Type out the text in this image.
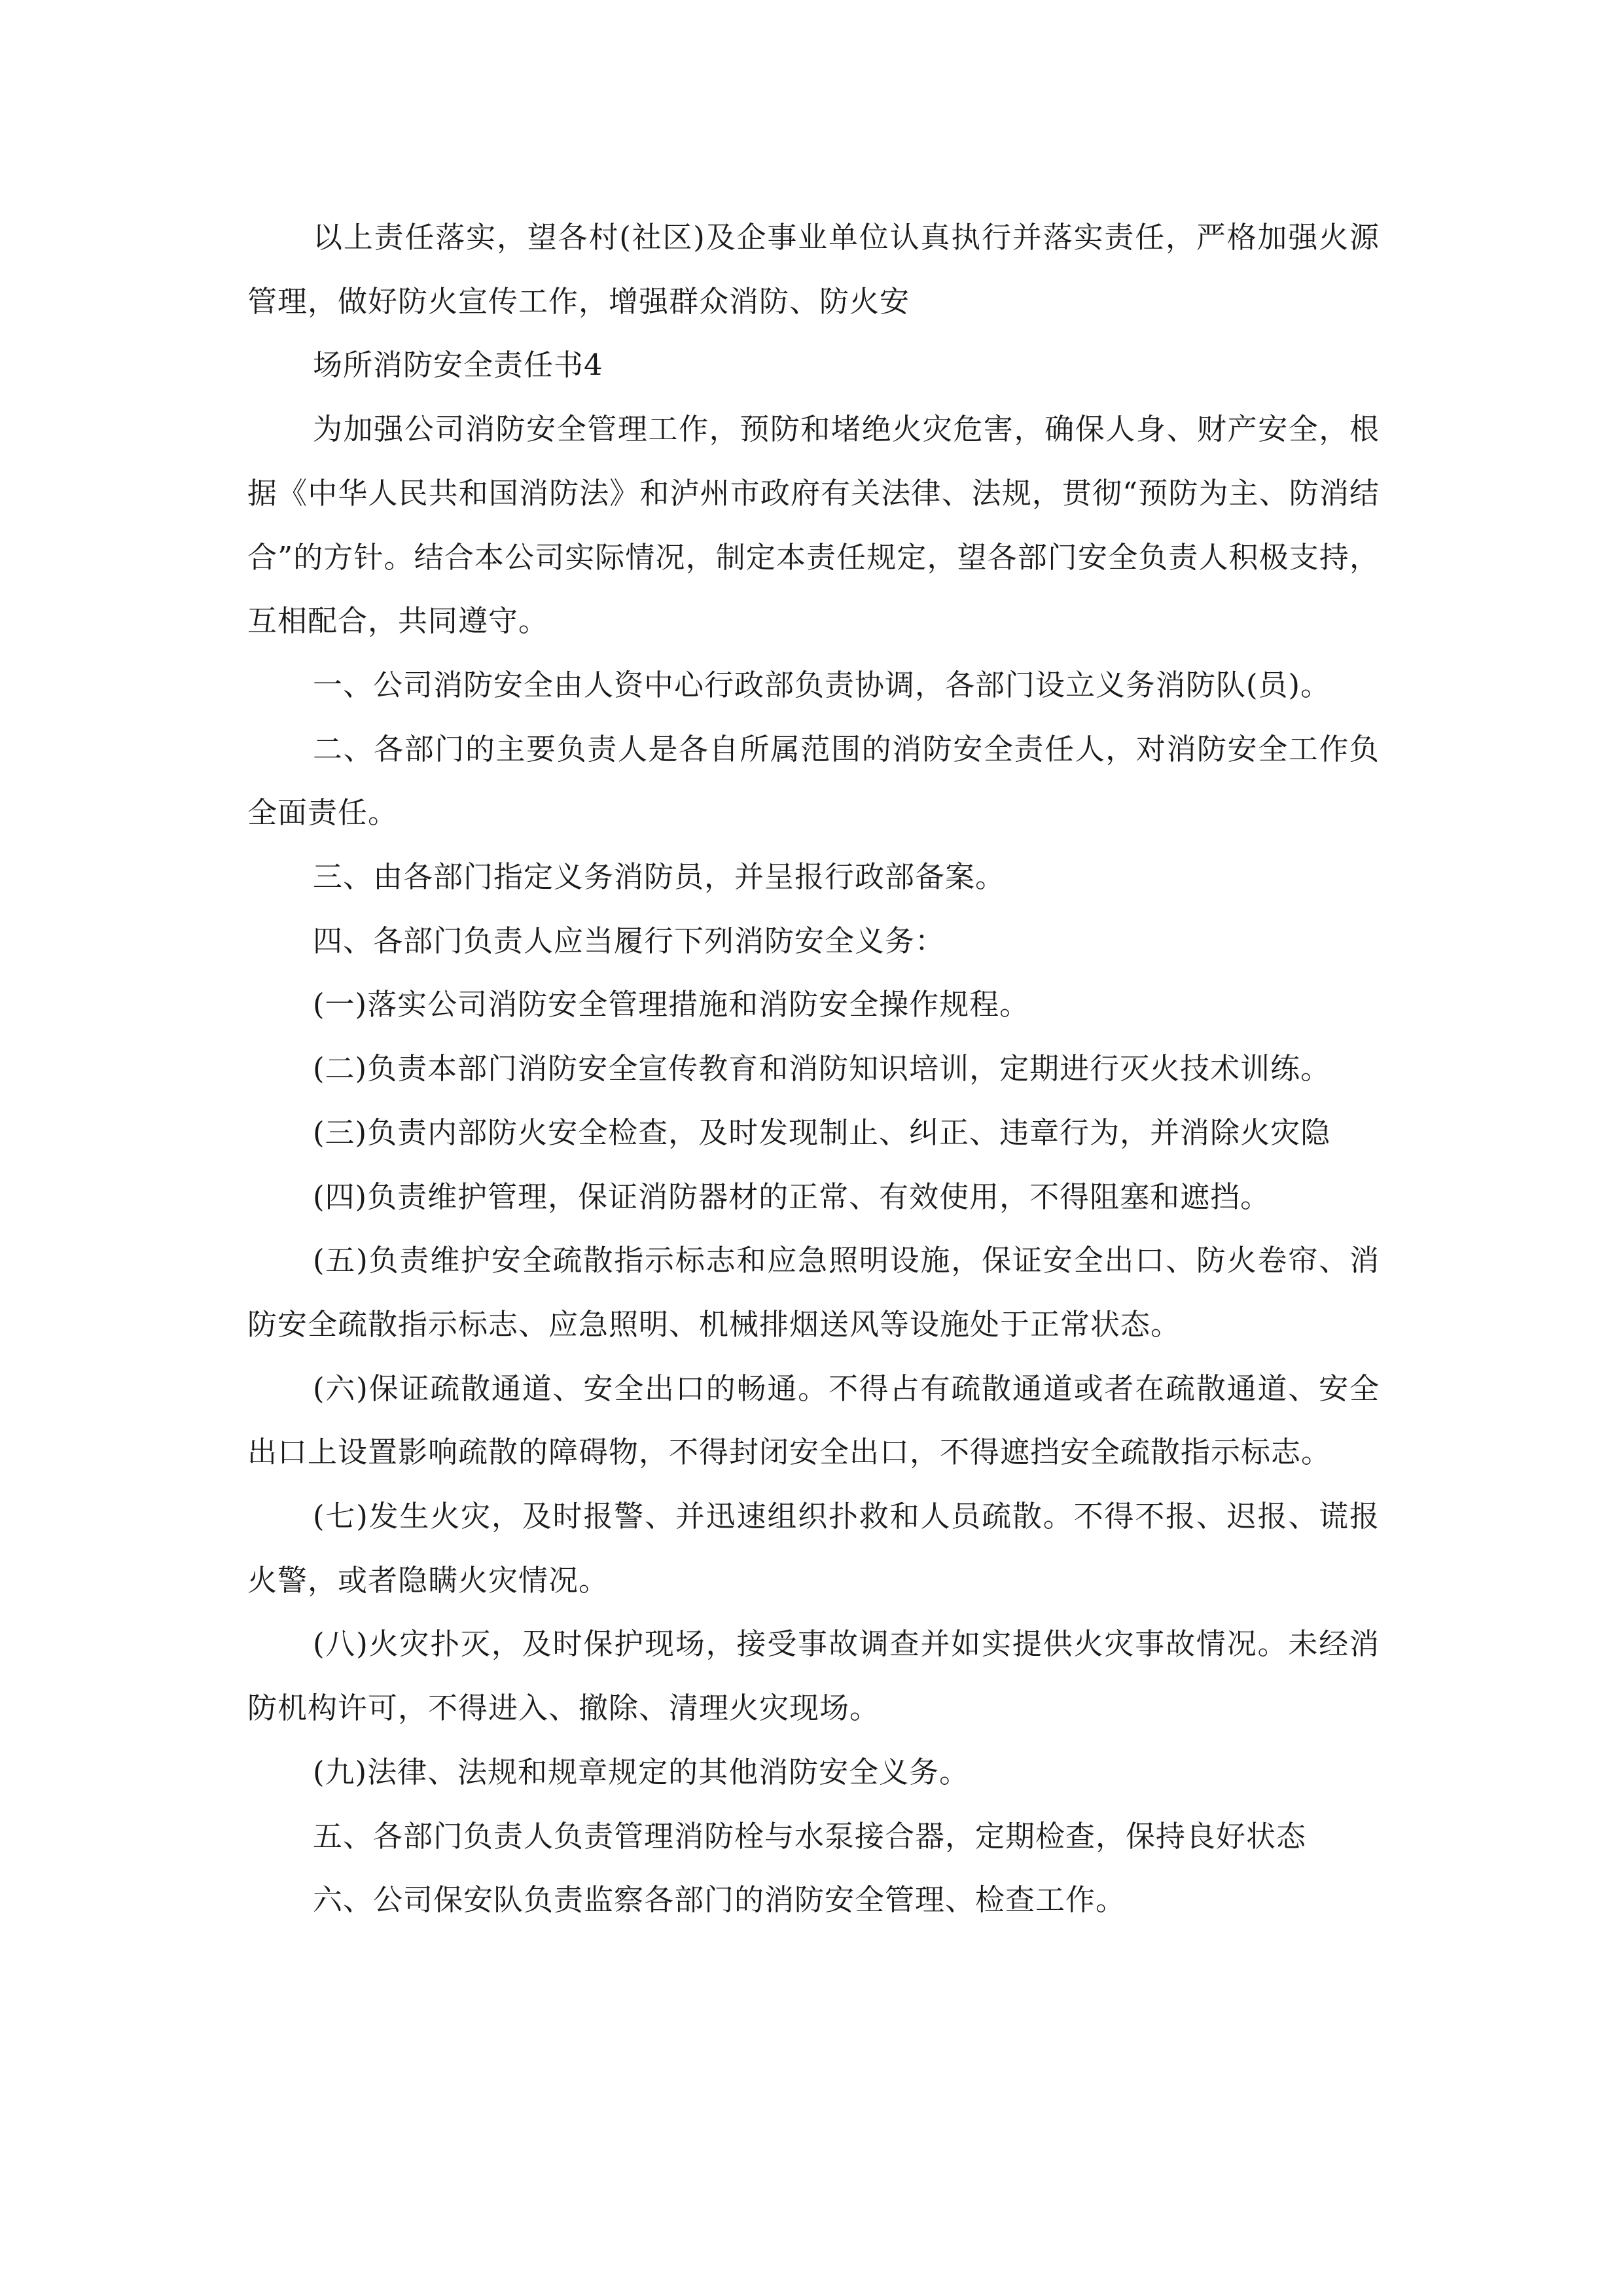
以上责任落实，望各村(社区)及企事业单位认真执行并落实责任，严格加强火源管理，做好防火宣传工作，增强群众消防、防火安

场所消防安全责任书4

为加强公司消防安全管理工作，预防和堵绝火灾危害，确保人身、财产安全，根据《中华人民共和国消防法》和泸州市政府有关法律、法规，贯彻“预防为主、防消结合”的方针。结合本公司实际情况，制定本责任规定，望各部门安全负责人积极支持，互相配合，共同遵守。

一、公司消防安全由人资中心行政部负责协调，各部门设立义务消防队(员)。

二、各部门的主要负责人是各自所属范围的消防安全责任人，对消防安全工作负全面责任。

三、由各部门指定义务消防员，并呈报行政部备案。

四、各部门负责人应当履行下列消防安全义务：

(一)落实公司消防安全管理措施和消防安全操作规程。

(二)负责本部门消防安全宣传教育和消防知识培训，定期进行灭火技术训练。

(三)负责内部防火安全检查，及时发现制止、纠正、违章行为，并消除火灾隐

(四)负责维护管理，保证消防器材的正常、有效使用，不得阻塞和遮挡。

(五)负责维护安全疏散指示标志和应急照明设施，保证安全出口、防火卷帘、消防安全疏散指示标志、应急照明、机械排烟送风等设施处于正常状态。

(六)保证疏散通道、安全出口的畅通。不得占有疏散通道或者在疏散通道、安全出口上设置影响疏散的障碍物，不得封闭安全出口，不得遮挡安全疏散指示标志。

(七)发生火灾，及时报警、并迅速组织扑救和人员疏散。不得不报、迟报、谎报火警，或者隐瞒火灾情况。

(八)火灾扑灭，及时保护现场，接受事故调查并如实提供火灾事故情况。未经消防机构许可，不得进入、撤除、清理火灾现场。

(九)法律、法规和规章规定的其他消防安全义务。

五、各部门负责人负责管理消防栓与水泵接合器，定期检查，保持良好状态

六、公司保安队负责监察各部门的消防安全管理、检查工作。
